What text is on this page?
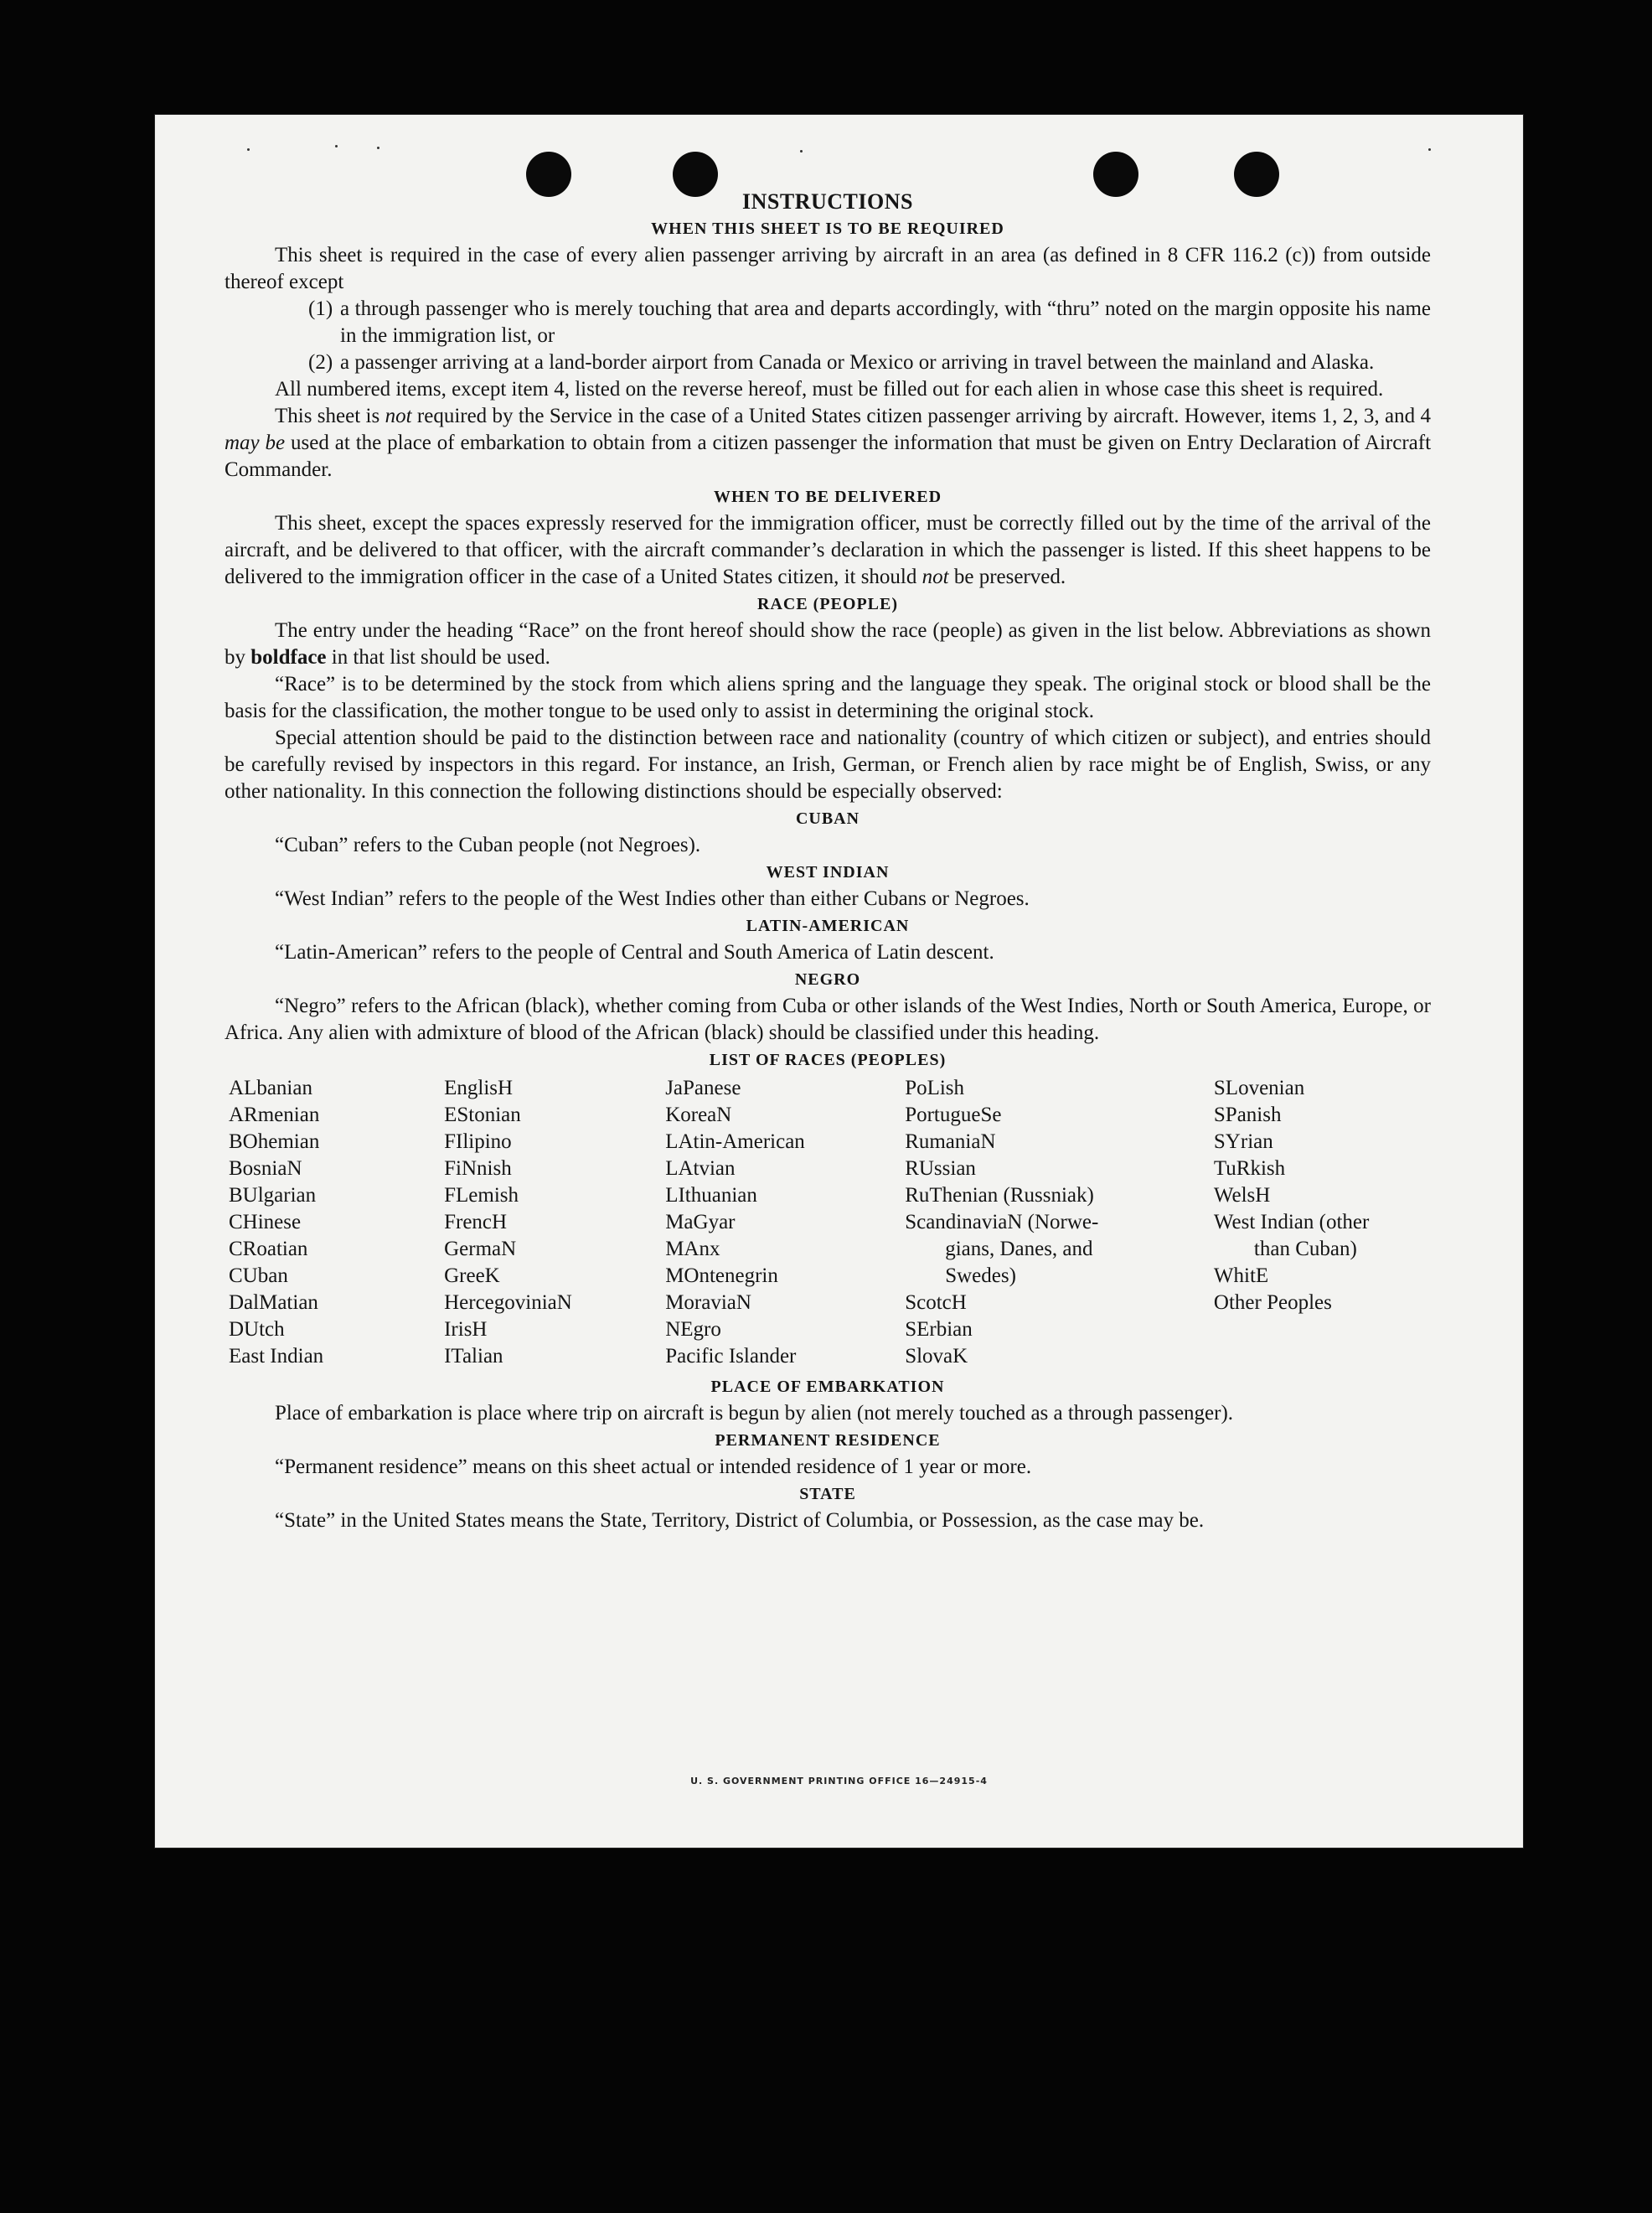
INSTRUCTIONS
WHEN THIS SHEET IS TO BE REQUIRED
This sheet is required in the case of every alien passenger arriving by aircraft in an area (as defined in 8 CFR 116.2 (c)) from outside thereof except
(1) a through passenger who is merely touching that area and departs accordingly, with “thru” noted on the margin opposite his name in the immigration list, or
(2) a passenger arriving at a land-border airport from Canada or Mexico or arriving in travel between the mainland and Alaska.
All numbered items, except item 4, listed on the reverse hereof, must be filled out for each alien in whose case this sheet is required.
This sheet is not required by the Service in the case of a United States citizen passenger arriving by aircraft. However, items 1, 2, 3, and 4 may be used at the place of embarkation to obtain from a citizen passenger the information that must be given on Entry Declaration of Aircraft Commander.
WHEN TO BE DELIVERED
This sheet, except the spaces expressly reserved for the immigration officer, must be correctly filled out by the time of the arrival of the aircraft, and be delivered to that officer, with the aircraft commander’s declaration in which the passenger is listed. If this sheet happens to be delivered to the immigration officer in the case of a United States citizen, it should not be preserved.
RACE (PEOPLE)
The entry under the heading “Race” on the front hereof should show the race (people) as given in the list below. Abbreviations as shown by boldface in that list should be used.
“Race” is to be determined by the stock from which aliens spring and the language they speak. The original stock or blood shall be the basis for the classification, the mother tongue to be used only to assist in determining the original stock.
Special attention should be paid to the distinction between race and nationality (country of which citizen or subject), and entries should be carefully revised by inspectors in this regard. For instance, an Irish, German, or French alien by race might be of English, Swiss, or any other nationality. In this connection the following distinctions should be especially observed:
CUBAN
“Cuban” refers to the Cuban people (not Negroes).
WEST INDIAN
“West Indian” refers to the people of the West Indies other than either Cubans or Negroes.
LATIN-AMERICAN
“Latin-American” refers to the people of Central and South America of Latin descent.
NEGRO
“Negro” refers to the African (black), whether coming from Cuba or other islands of the West Indies, North or South America, Europe, or Africa. Any alien with admixture of blood of the African (black) should be classified under this heading.
LIST OF RACES (PEOPLES)
ALbanian
ARmenian
BOhemian
BosniaN
BUlgarian
CHinese
CRoatian
CUban
DalMatian
DUtch
East Indian
EnglisH
EStonian
FIlipino
FiNnish
FLemish
FrencH
GermaN
GreeK
HercegoviniaN
IrisH
ITalian
JaPanese
KoreaN
LAtin-American
LAtvian
LIthuanian
MaGyar
MAnx
MOntenegrin
MoraviaN
NEgro
Pacific Islander
PoLish
PortugueSe
RumaniaN
RUssian
RuThenian (Russniak)
ScandinaviaN (Norwe-
gians, Danes, and
Swedes)
ScotcH
SErbian
SlovaK
SLovenian
SPanish
SYrian
TuRkish
WelsH
West Indian (other
than Cuban)
WhitE
Other Peoples
PLACE OF EMBARKATION
Place of embarkation is place where trip on aircraft is begun by alien (not merely touched as a through passenger).
PERMANENT RESIDENCE
“Permanent residence” means on this sheet actual or intended residence of 1 year or more.
STATE
“State” in the United States means the State, Territory, District of Columbia, or Possession, as the case may be.
U. S. GOVERNMENT PRINTING OFFICE 16—24915-4
